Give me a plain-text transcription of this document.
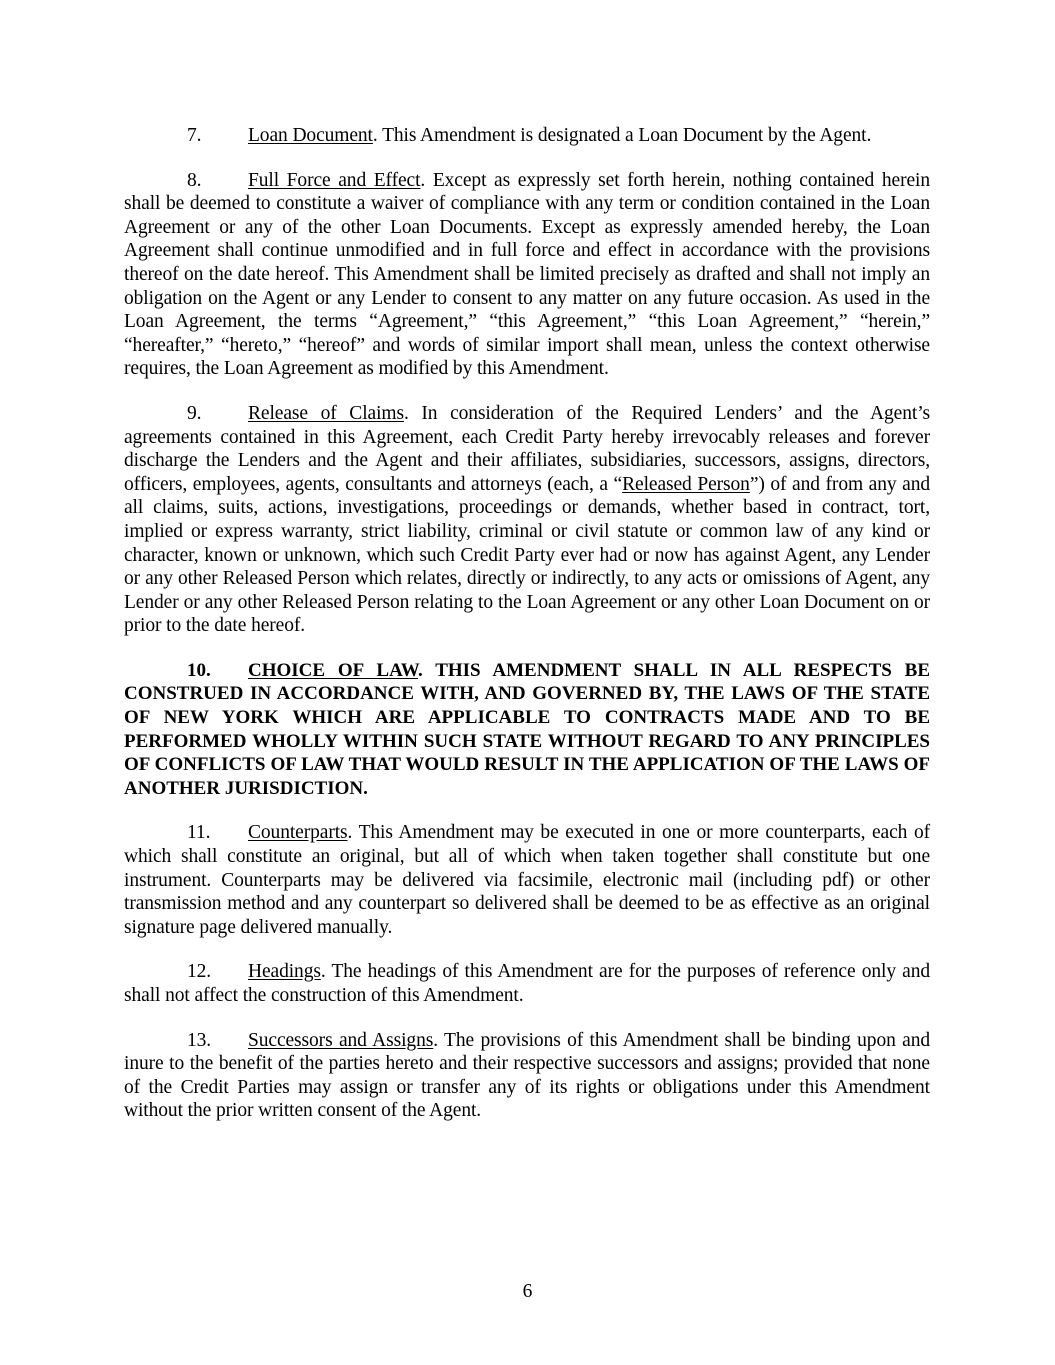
7. Loan Document. This Amendment is designated a Loan Document by the Agent.

8. Full Force and Effect. Except as expressly set forth herein, nothing contained herein shall be deemed to constitute a waiver of compliance with any term or condition contained in the Loan Agreement or any of the other Loan Documents. Except as expressly amended hereby, the Loan Agreement shall continue unmodified and in full force and effect in accordance with the provisions thereof on the date hereof. This Amendment shall be limited precisely as drafted and shall not imply an obligation on the Agent or any Lender to consent to any matter on any future occasion. As used in the Loan Agreement, the terms “Agreement,” “this Agreement,” “this Loan Agreement,” “herein,” “hereafter,” “hereto,” “hereof” and words of similar import shall mean, unless the context otherwise requires, the Loan Agreement as modified by this Amendment.

9. Release of Claims. In consideration of the Required Lenders’ and the Agent’s agreements contained in this Agreement, each Credit Party hereby irrevocably releases and forever discharge the Lenders and the Agent and their affiliates, subsidiaries, successors, assigns, directors, officers, employees, agents, consultants and attorneys (each, a “Released Person”) of and from any and all claims, suits, actions, investigations, proceedings or demands, whether based in contract, tort, implied or express warranty, strict liability, criminal or civil statute or common law of any kind or character, known or unknown, which such Credit Party ever had or now has against Agent, any Lender or any other Released Person which relates, directly or indirectly, to any acts or omissions of Agent, any Lender or any other Released Person relating to the Loan Agreement or any other Loan Document on or prior to the date hereof.

10. CHOICE OF LAW. THIS AMENDMENT SHALL IN ALL RESPECTS BE CONSTRUED IN ACCORDANCE WITH, AND GOVERNED BY, THE LAWS OF THE STATE OF NEW YORK WHICH ARE APPLICABLE TO CONTRACTS MADE AND TO BE PERFORMED WHOLLY WITHIN SUCH STATE WITHOUT REGARD TO ANY PRINCIPLES OF CONFLICTS OF LAW THAT WOULD RESULT IN THE APPLICATION OF THE LAWS OF ANOTHER JURISDICTION.

11. Counterparts. This Amendment may be executed in one or more counterparts, each of which shall constitute an original, but all of which when taken together shall constitute but one instrument. Counterparts may be delivered via facsimile, electronic mail (including pdf) or other transmission method and any counterpart so delivered shall be deemed to be as effective as an original signature page delivered manually.

12. Headings. The headings of this Amendment are for the purposes of reference only and shall not affect the construction of this Amendment.

13. Successors and Assigns. The provisions of this Amendment shall be binding upon and inure to the benefit of the parties hereto and their respective successors and assigns; provided that none of the Credit Parties may assign or transfer any of its rights or obligations under this Amendment without the prior written consent of the Agent.

6
